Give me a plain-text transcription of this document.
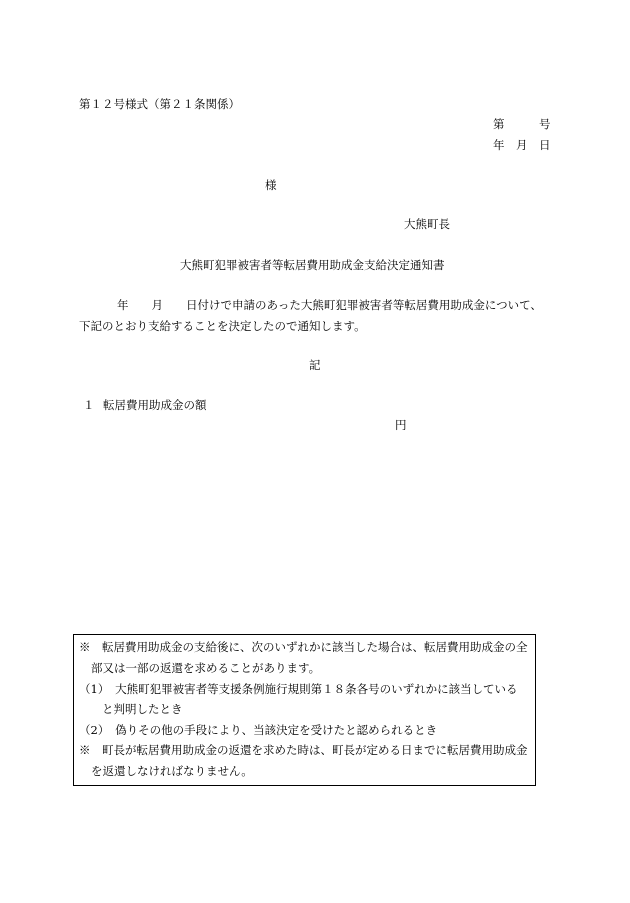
第１２号様式（第２１条関係）
第　　　号
年　月　日
様
大熊町長
大熊町犯罪被害者等転居費用助成金支給決定通知書
年　　月　　日付けで申請のあった大熊町犯罪被害者等転居費用助成金について、
下記のとおり支給することを決定したので通知します。
記
１ 転居費用助成金の額
円
※　転居費用助成金の支給後に、次のいずれかに該当した場合は、転居費用助成金の全
部又は一部の返還を求めることがあります。
（1）　大熊町犯罪被害者等支援条例施行規則第１８条各号のいずれかに該当している
と判明したとき
（2）　偽りその他の手段により、当該決定を受けたと認められるとき
※　町長が転居費用助成金の返還を求めた時は、町長が定める日までに転居費用助成金
を返還しなければなりません。
